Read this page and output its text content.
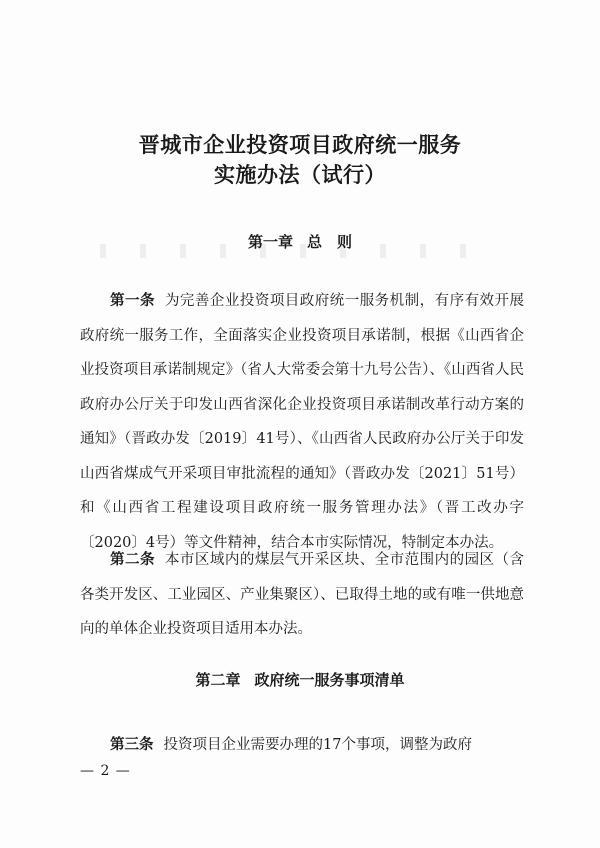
晋城市企业投资项目政府统一服务
实施办法（试行）
第一章 总　则

第一条 为完善企业投资项目政府统一服务机制，有序有效开展政府统一服务工作，全面落实企业投资项目承诺制，根据《山西省企业投资项目承诺制规定》（省人大常委会第十九号公告）、《山西省人民政府办公厅关于印发山西省深化企业投资项目承诺制改革行动方案的通知》（晋政办发〔2019〕41号）、《山西省人民政府办公厅关于印发山西省煤成气开采项目审批流程的通知》（晋政办发〔2021〕51号）和《山西省工程建设项目政府统一服务管理办法》（晋工改办字〔2020〕4号）等文件精神，结合本市实际情况，特制定本办法。

第二条 本市区域内的煤层气开采区块、全市范围内的园区（含各类开发区、工业园区、产业集聚区）、已取得土地的或有唯一供地意向的单体企业投资项目适用本办法。

第二章 政府统一服务事项清单

第三条 投资项目企业需要办理的17个事项，调整为政府

— 2 —
